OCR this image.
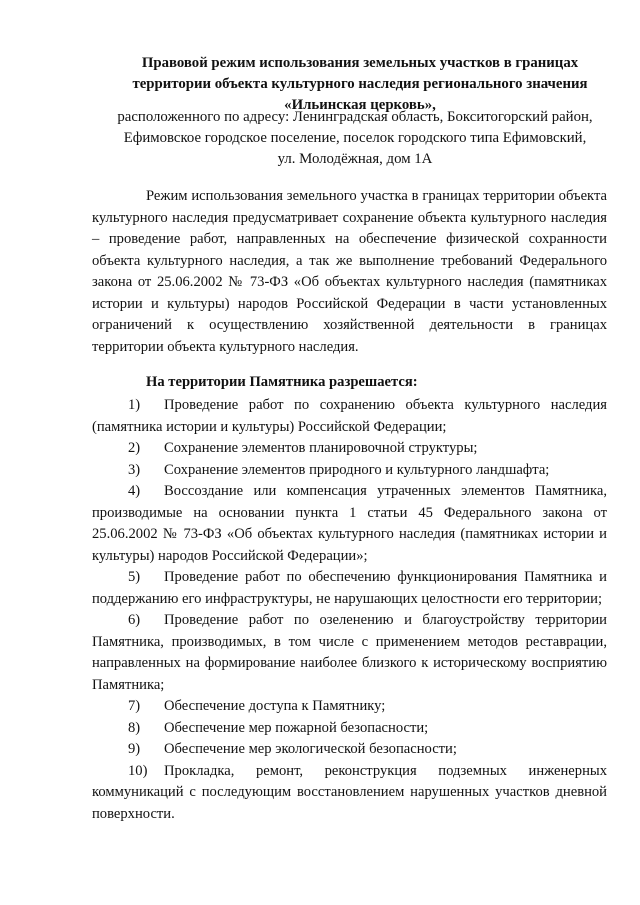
Правовой режим использования земельных участков в границах
территории объекта культурного наследия регионального значения
«Ильинская церковь»,
расположенного по адресу: Ленинградская область, Бокситогорский район,
Ефимовское городское поселение, поселок городского типа Ефимовский,
ул. Молодёжная, дом 1А
Режим использования земельного участка в границах территории объекта культурного наследия предусматривает сохранение объекта культурного наследия – проведение работ, направленных на обеспечение физической сохранности объекта культурного наследия, а так же выполнение требований Федерального закона от 25.06.2002 № 73-ФЗ «Об объектах культурного наследия (памятниках истории и культуры) народов Российской Федерации в части установленных ограничений к осуществлению хозяйственной деятельности в границах территории объекта культурного наследия.
На территории Памятника разрешается:
1) Проведение работ по сохранению объекта культурного наследия (памятника истории и культуры) Российской Федерации;
2) Сохранение элементов планировочной структуры;
3) Сохранение элементов природного и культурного ландшафта;
4) Воссоздание или компенсация утраченных элементов Памятника, производимые на основании пункта 1 статьи 45 Федерального закона от 25.06.2002 № 73-ФЗ «Об объектах культурного наследия (памятниках истории и культуры) народов Российской Федерации»;
5) Проведение работ по обеспечению функционирования Памятника и поддержанию его инфраструктуры, не нарушающих целостности его территории;
6) Проведение работ по озеленению и благоустройству территории Памятника, производимых, в том числе с применением методов реставрации, направленных на формирование наиболее близкого к историческому восприятию Памятника;
7) Обеспечение доступа к Памятнику;
8) Обеспечение мер пожарной безопасности;
9) Обеспечение мер экологической безопасности;
10) Прокладка, ремонт, реконструкция подземных инженерных коммуникаций с последующим восстановлением нарушенных участков дневной поверхности.
